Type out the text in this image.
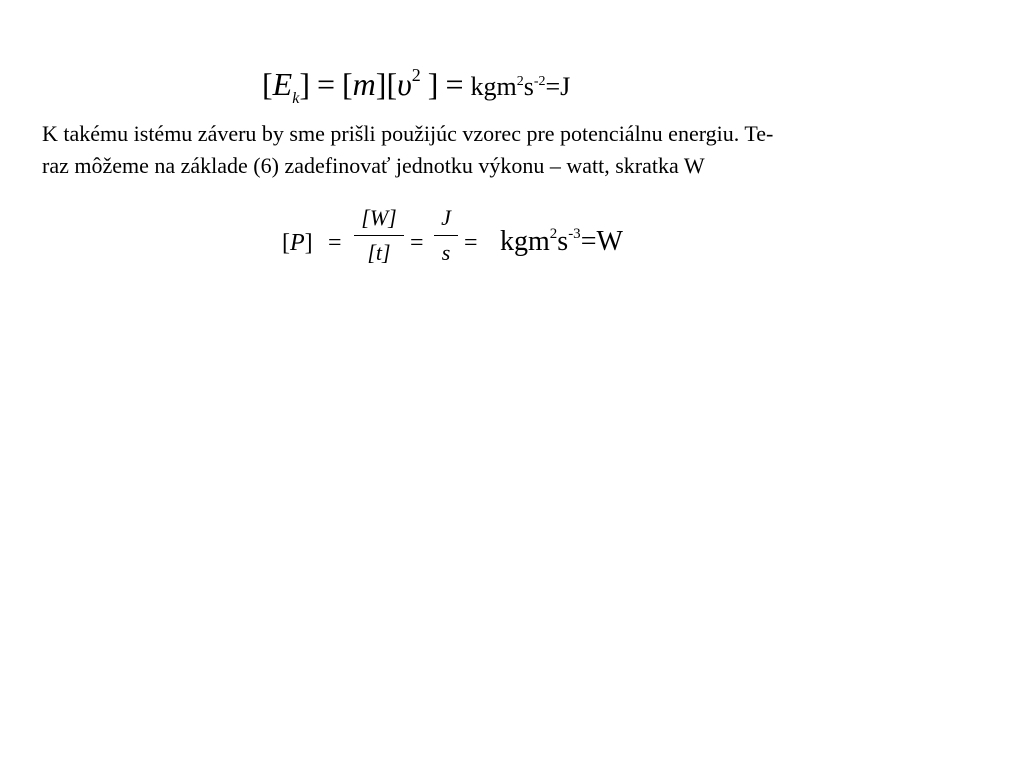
$[E_k] = [m][\upsilon^2$ ] = $kgm^2s^{-2}=J$
K takému istému záveru by sme prišli použijúc vzorec pre potenciálnu energiu. Te-
raz môžeme na základe (6) zadefinovať jednotku výkonu – watt, skratka W
[P] =
[W]
[t] =
J
$s = kgm^2s^{-3}=W$
